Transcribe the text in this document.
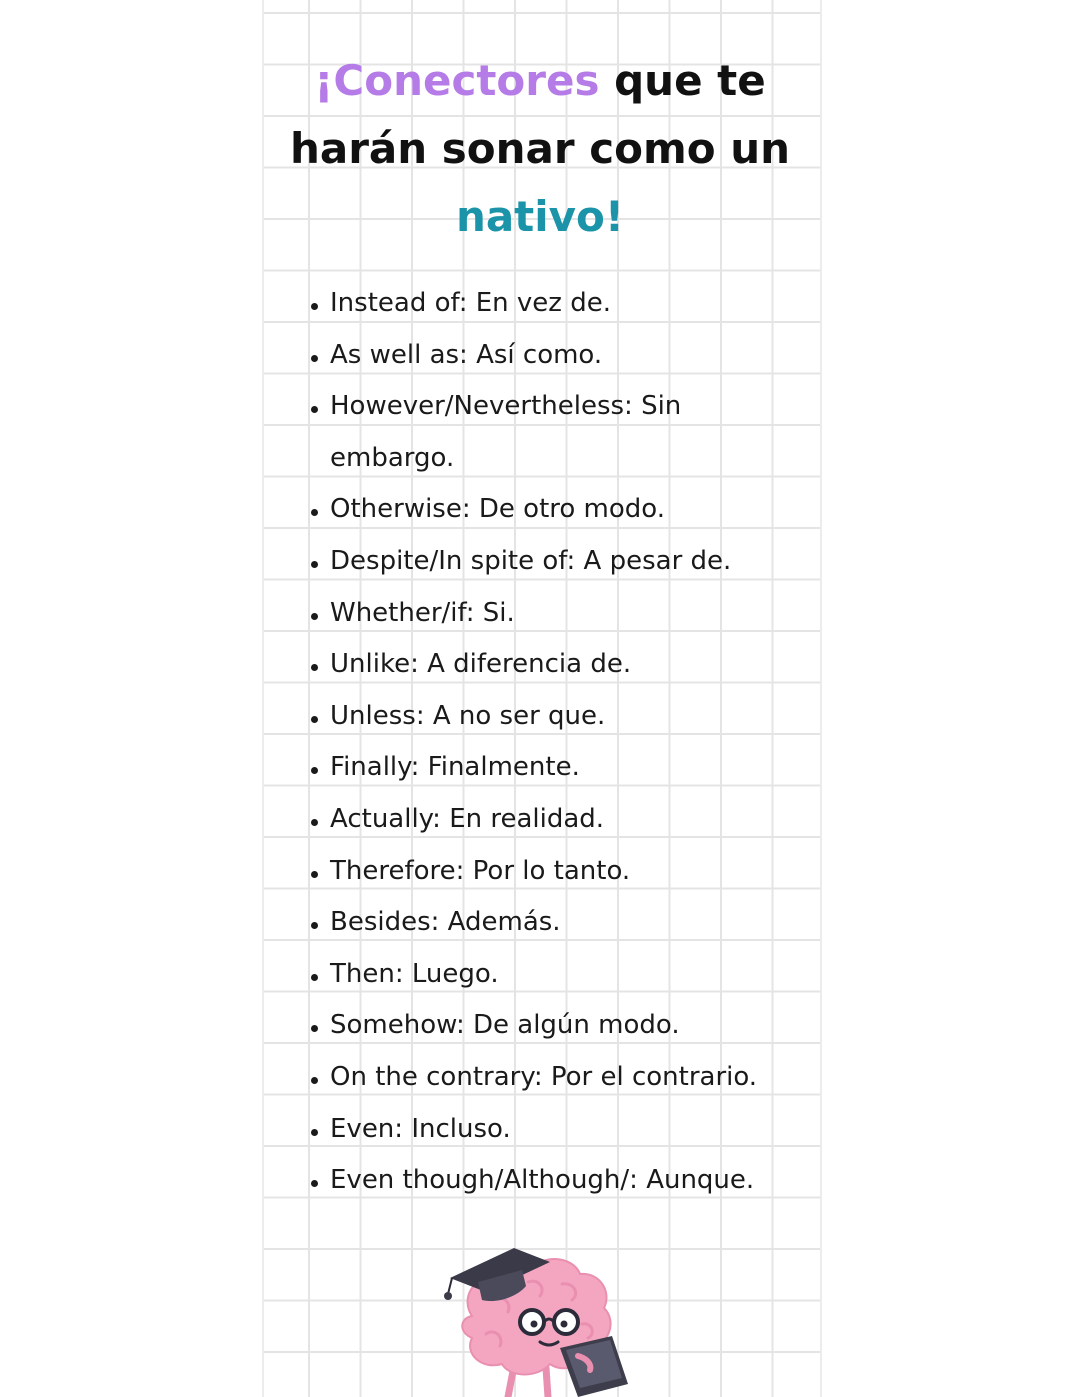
¡Conectores que te
harán sonar como un
nativo!
Instead of: En vez de.
As well as: Así como.
However/Nevertheless: Sin embargo.
Otherwise: De otro modo.
Despite/In spite of: A pesar de.
Whether/if: Si.
Unlike: A diferencia de.
Unless: A no ser que.
Finally: Finalmente.
Actually: En realidad.
Therefore: Por lo tanto.
Besides: Además.
Then: Luego.
Somehow: De algún modo.
On the contrary: Por el contrario.
Even: Incluso.
Even though/Although/: Aunque.
